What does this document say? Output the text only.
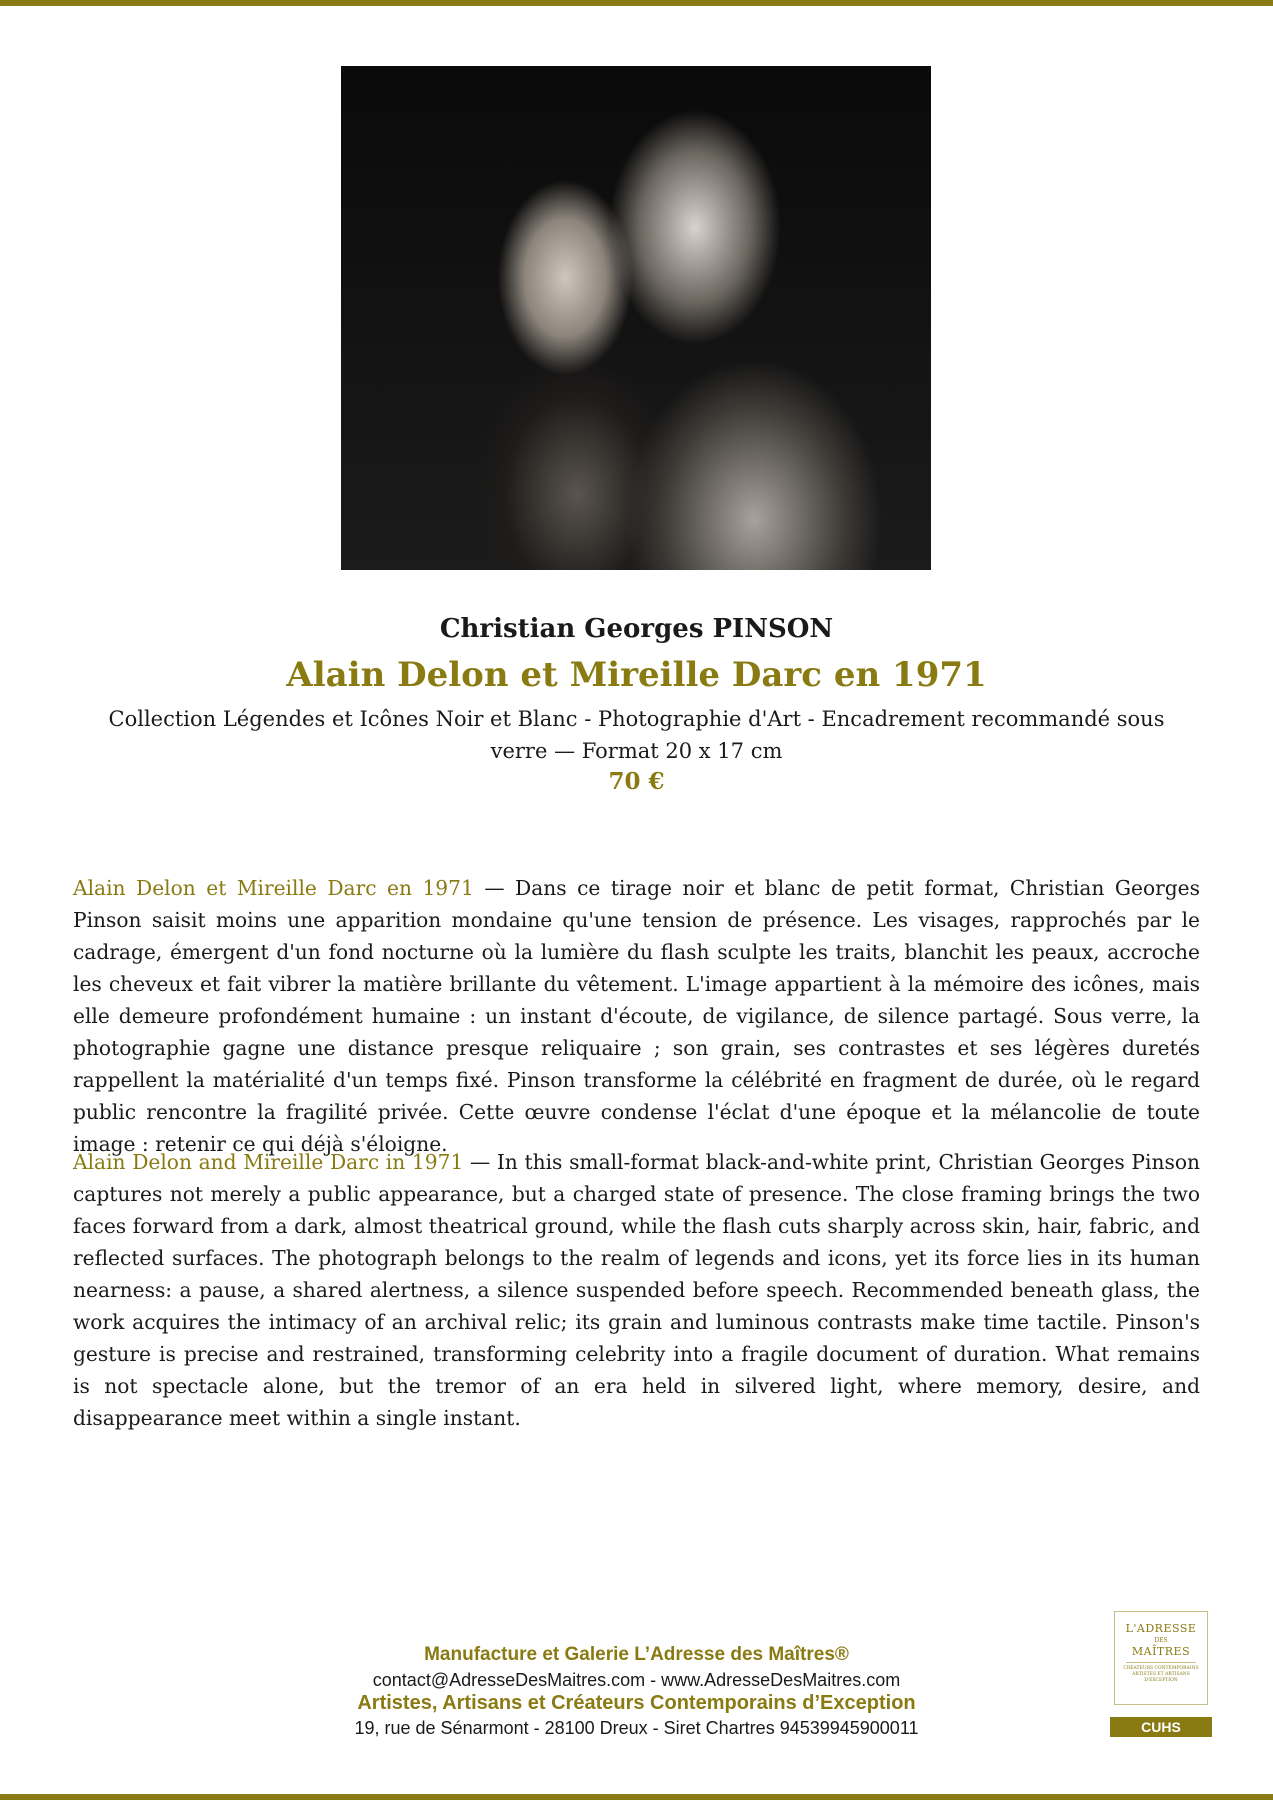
Christian Georges PINSON
Alain Delon et Mireille Darc en 1971
Collection Légendes et Icônes Noir et Blanc - Photographie d'Art - Encadrement recommandé sous verre — Format 20 x 17 cm
70 €
Alain Delon et Mireille Darc en 1971 — Dans ce tirage noir et blanc de petit format, Christian Georges Pinson saisit moins une apparition mondaine qu'une tension de présence. Les visages, rapprochés par le cadrage, émergent d'un fond nocturne où la lumière du flash sculpte les traits, blanchit les peaux, accroche les cheveux et fait vibrer la matière brillante du vêtement. L'image appartient à la mémoire des icônes, mais elle demeure profondément humaine : un instant d'écoute, de vigilance, de silence partagé. Sous verre, la photographie gagne une distance presque reliquaire ; son grain, ses contrastes et ses légères duretés rappellent la matérialité d'un temps fixé. Pinson transforme la célébrité en fragment de durée, où le regard public rencontre la fragilité privée. Cette œuvre condense l'éclat d'une époque et la mélancolie de toute image : retenir ce qui déjà s'éloigne.
Alain Delon and Mireille Darc in 1971 — In this small-format black-and-white print, Christian Georges Pinson captures not merely a public appearance, but a charged state of presence. The close framing brings the two faces forward from a dark, almost theatrical ground, while the flash cuts sharply across skin, hair, fabric, and reflected surfaces. The photograph belongs to the realm of legends and icons, yet its force lies in its human nearness: a pause, a shared alertness, a silence suspended before speech. Recommended beneath glass, the work acquires the intimacy of an archival relic; its grain and luminous contrasts make time tactile. Pinson's gesture is precise and restrained, transforming celebrity into a fragile document of duration. What remains is not spectacle alone, but the tremor of an era held in silvered light, where memory, desire, and disappearance meet within a single instant.
Manufacture et Galerie L’Adresse des Maîtres®
contact@AdresseDesMaitres.com - www.AdresseDesMaitres.com
Artistes, Artisans et Créateurs Contemporains d’Exception
19, rue de Sénarmont - 28100 Dreux - Siret Chartres 94539945900011
L'ADRESSE
DES
MAÎTRES
CRÉATEURS CONTEMPORAINS ARTISTES ET ARTISANS D'EXCEPTION
CUHS
